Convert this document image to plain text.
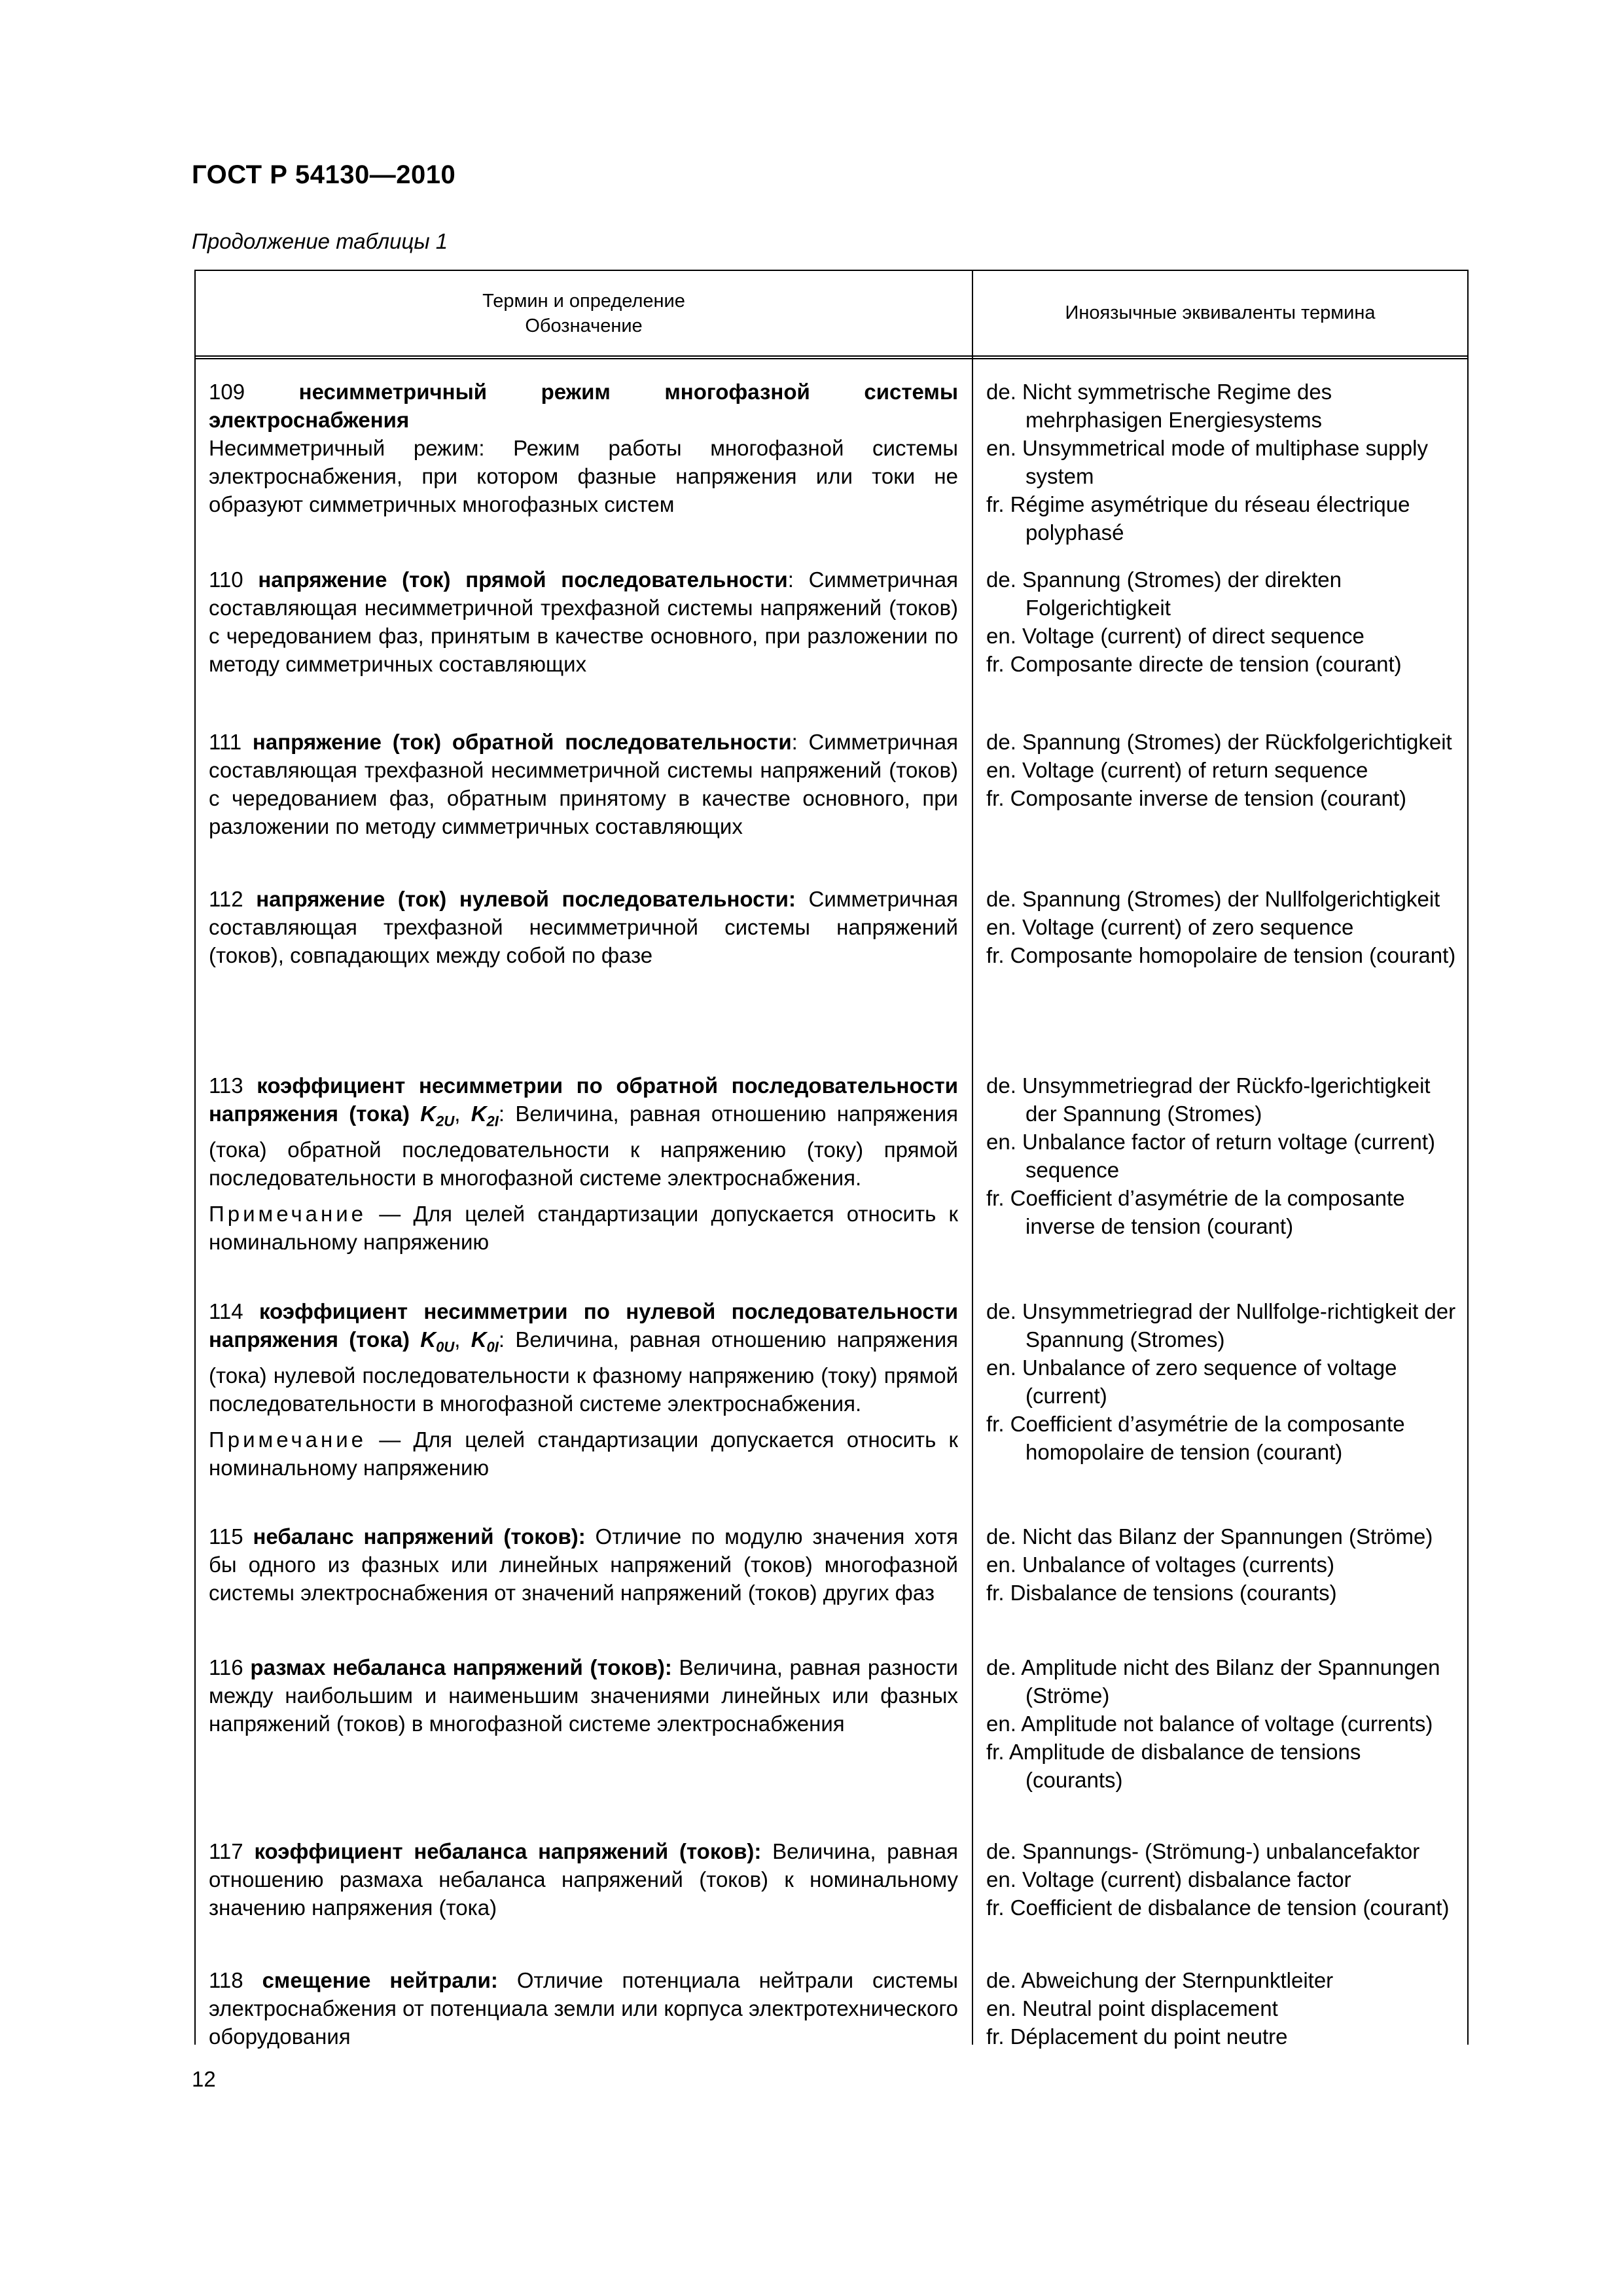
ГОСТ Р 54130—2010
Продолжение таблицы 1
Термин и определение
Обозначение
Иноязычные эквиваленты термина

109	несимметричный режим многофазной системы электроснабжения

Несимметричный режим: Режим работы многофазной системы электроснабжения, при котором фазные напряжения или токи не образуют симметричных многофазных систем

de. Nicht symmetrische Regime des mehrphasigen Energiesystems

en. Unsymmetrical mode of multiphase supply system

fr. Régime asymétrique du réseau électrique polyphasé

110 напряжение (ток) прямой последовательности: Симметричная составляющая несимметричной трехфазной системы напряжений (токов) с чередованием фаз, принятым в качестве основного, при разложении по методу симметричных составляющих

de. Spannung (Stromes) der direkten Folgerichtigkeit

en. Voltage (current) of direct sequence

fr. Composante directe de tension (courant)

111 напряжение (ток) обратной последовательности: Симметричная составляющая трехфазной несимметричной системы напряжений (токов) с чередованием фаз, обратным принятому в качестве основного, при разложении по методу симметричных составляющих

de. Spannung (Stromes) der Rückfolgerichtigkeit

en. Voltage (current) of return sequence

fr. Composante inverse de tension (courant)

112 напряжение (ток) нулевой последовательности: Симметричная составляющая трехфазной несимметричной системы напряжений (токов), совпадающих между собой по фазе

de. Spannung (Stromes) der Nullfolgerichtigkeit

en. Voltage (current) of zero sequence

fr. Composante homopolaire de tension (courant)

113 коэффициент несимметрии по обратной последовательности напряжения (тока) $K_{2U}$, $K_{2I}$: Величина, равная отношению напряжения (тока) обратной последовательности к напряжению (току) прямой последовательности в многофазной системе электроснабжения.

Примечание — Для целей стандартизации допускается относить к номинальному напряжению

de. Unsymmetriegrad der Rückfo-lgerichtigkeit der Spannung (Stromes)

en. Unbalance factor of return voltage (current) sequence

fr. Coefficient d’asymétrie de la composante inverse de tension (courant)

114 коэффициент несимметрии по нулевой последовательности напряжения (тока) $K_{0U}$, $K_{0I}$: Величина, равная отношению напряжения (тока) нулевой последовательности к фазному напряжению (току) прямой последовательности в многофазной системе электроснабжения.

Примечание — Для целей стандартизации допускается относить к номинальному напряжению

de. Unsymmetriegrad der Nullfolge-richtigkeit der Spannung (Stromes)

en. Unbalance of zero sequence of voltage (current)

fr. Coefficient d’asymétrie de la composante homopolaire de tension (courant)

115 небаланс напряжений (токов): Отличие по модулю значения хотя бы одного из фазных или линейных напряжений (токов) многофазной системы электроснабжения от значений напряжений (токов) других фаз

de. Nicht das Bilanz der Spannungen (Ströme)

en. Unbalance of voltages (currents)

fr. Disbalance de tensions (courants)

116 размах небаланса напряжений (токов): Величина, равная разности между наибольшим и наименьшим значениями линейных или фазных напряжений (токов) в многофазной системе электроснабжения

de. Amplitude nicht des Bilanz der Spannungen (Ströme)

en. Amplitude not balance of voltage (currents)

fr. Amplitude de disbalance de tensions (courants)

117 коэффициент небаланса напряжений (токов): Величина, равная отношению размаха небаланса напряжений (токов) к номинальному значению напряжения (тока)

de. Spannungs- (Strömung-) unbalancefaktor

en. Voltage (current) disbalance factor

fr. Coefficient de disbalance de tension (courant)

118 смещение нейтрали: Отличие потенциала нейтрали системы электроснабжения от потенциала земли или корпуса электротехнического оборудования

de. Abweichung der Sternpunktleiter

en. Neutral point displacement

fr. Déplacement du point neutre

12
